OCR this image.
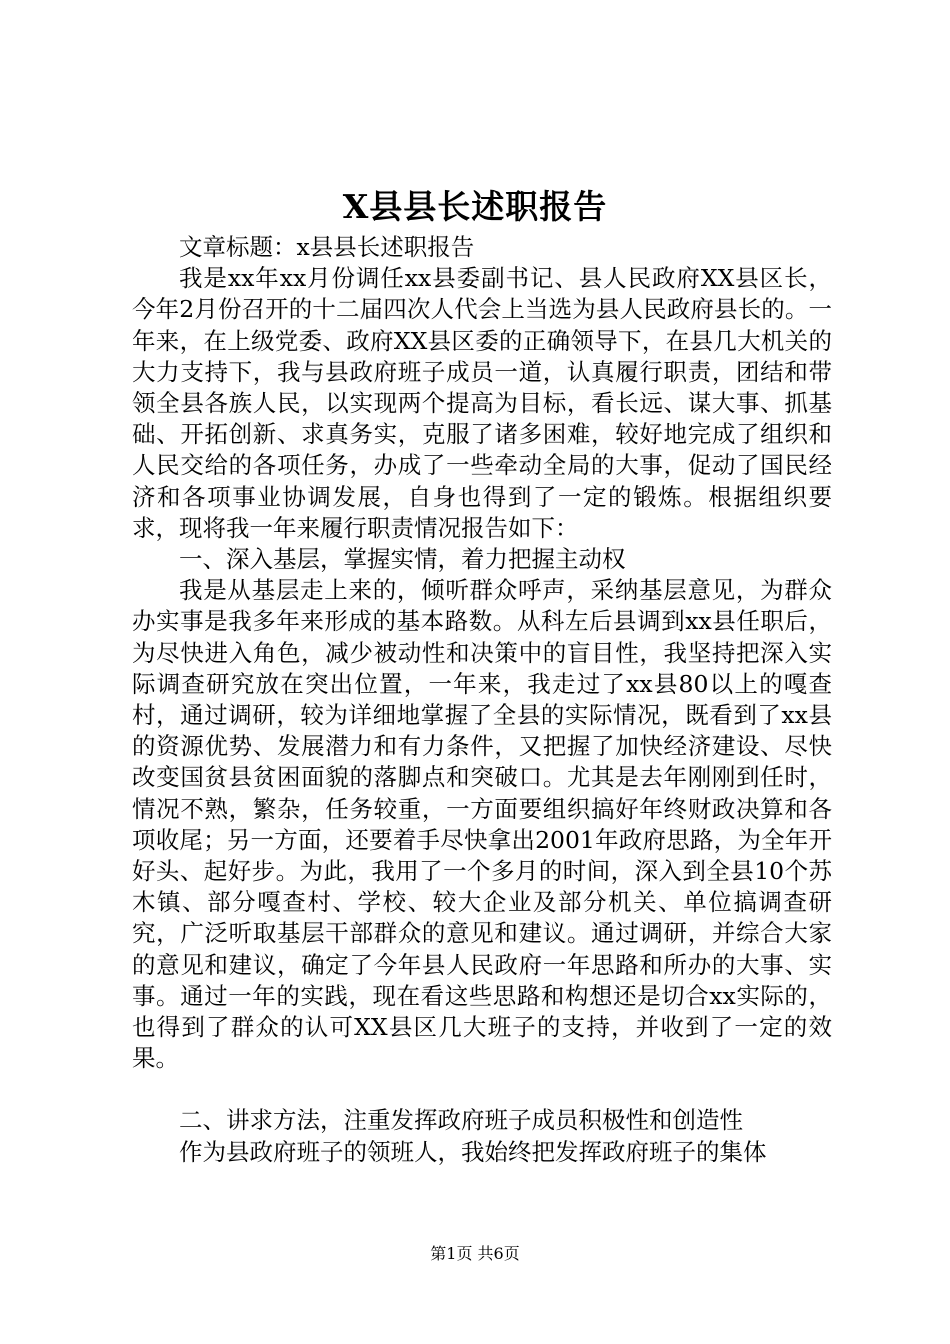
X县县长述职报告

文章标题：x县县长述职报告

我是xx年xx月份调任xx县委副书记、县人民政府XX县区长，今年2月份召开的十二届四次人代会上当选为县人民政府县长的。一年来，在上级党委、政府XX县区委的正确领导下，在县几大机关的大力支持下，我与县政府班子成员一道，认真履行职责，团结和带领全县各族人民，以实现两个提高为目标，看长远、谋大事、抓基础、开拓创新、求真务实，克服了诸多困难，较好地完成了组织和人民交给的各项任务，办成了一些牵动全局的大事，促动了国民经济和各项事业协调发展，自身也得到了一定的锻炼。根据组织要求，现将我一年来履行职责情况报告如下：

一、深入基层，掌握实情，着力把握主动权

我是从基层走上来的，倾听群众呼声，采纳基层意见，为群众办实事是我多年来形成的基本路数。从科左后县调到xx县任职后，为尽快进入角色，减少被动性和决策中的盲目性，我坚持把深入实际调查研究放在突出位置，一年来，我走过了xx县80以上的嘎查村，通过调研，较为详细地掌握了全县的实际情况，既看到了xx县的资源优势、发展潜力和有力条件，又把握了加快经济建设、尽快改变国贫县贫困面貌的落脚点和突破口。尤其是去年刚刚到任时，情况不熟，繁杂，任务较重，一方面要组织搞好年终财政决算和各项收尾；另一方面，还要着手尽快拿出2001年政府思路，为全年开好头、起好步。为此，我用了一个多月的时间，深入到全县10个苏木镇、部分嘎查村、学校、较大企业及部分机关、单位搞调查研究，广泛听取基层干部群众的意见和建议。通过调研，并综合大家的意见和建议，确定了今年县人民政府一年思路和所办的大事、实事。通过一年的实践，现在看这些思路和构想还是切合xx实际的，也得到了群众的认可XX县区几大班子的支持，并收到了一定的效果。

二、讲求方法，注重发挥政府班子成员积极性和创造性

作为县政府班子的领班人，我始终把发挥政府班子的集体

第1页 共6页
